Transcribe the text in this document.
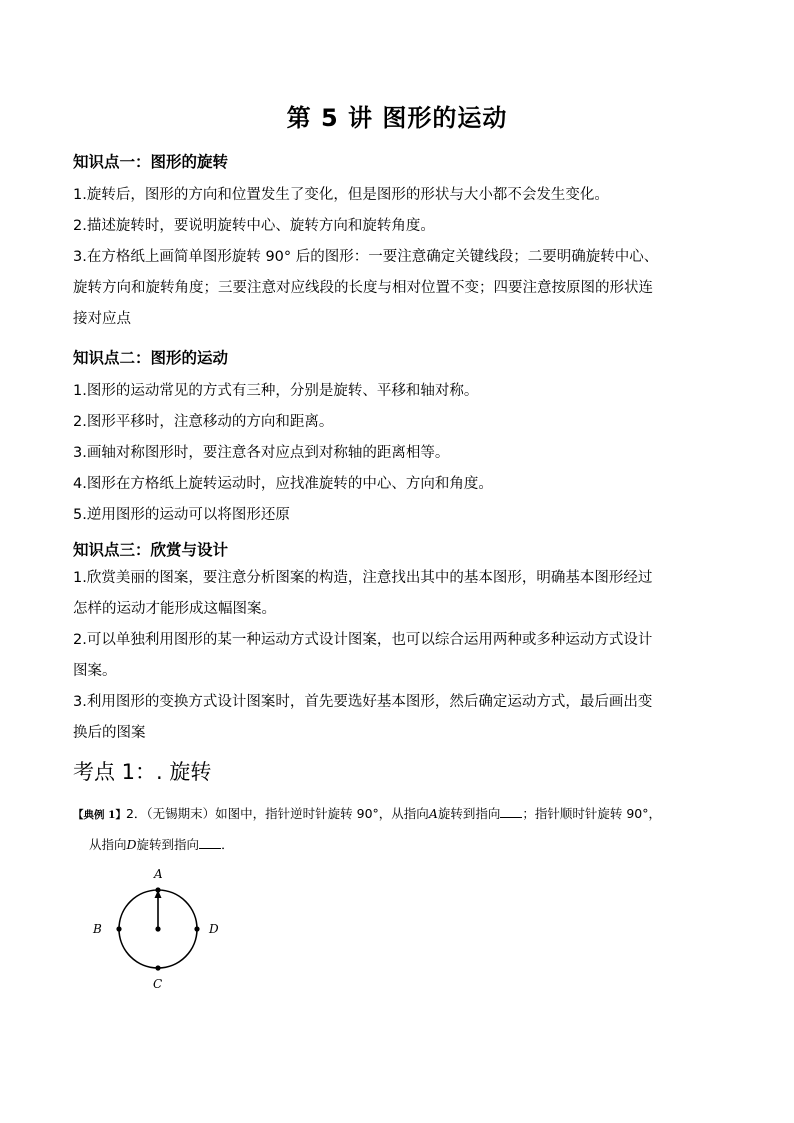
第 5 讲 图形的运动
知识点一：图形的旋转
1.旋转后，图形的方向和位置发生了变化，但是图形的形状与大小都不会发生变化。
2.描述旋转时，要说明旋转中心、旋转方向和旋转角度。
3.在方格纸上画简单图形旋转 90° 后的图形：一要注意确定关键线段；二要明确旋转中心、
旋转方向和旋转角度；三要注意对应线段的长度与相对位置不变；四要注意按原图的形状连
接对应点
知识点二：图形的运动
1.图形的运动常见的方式有三种，分别是旋转、平移和轴对称。
2.图形平移时，注意移动的方向和距离。
3.画轴对称图形时，要注意各对应点到对称轴的距离相等。
4.图形在方格纸上旋转运动时，应找准旋转的中心、方向和角度。
5.逆用图形的运动可以将图形还原
知识点三：欣赏与设计
1.欣赏美丽的图案，要注意分析图案的构造，注意找出其中的基本图形，明确基本图形经过
怎样的运动才能形成这幅图案。
2.可以单独利用图形的某一种运动方式设计图案，也可以综合运用两种或多种运动方式设计
图案。
3.利用图形的变换方式设计图案时，首先要选好基本图形，然后确定运动方式，最后画出变
换后的图案
考点 1：. 旋转
【典例 1】2．（无锡期末）如图中，指针逆时针旋转 90°，从指向A旋转到指向 ；指针顺时针旋转 90°，
从指向D旋转到指向 ．
A
B	D
C
